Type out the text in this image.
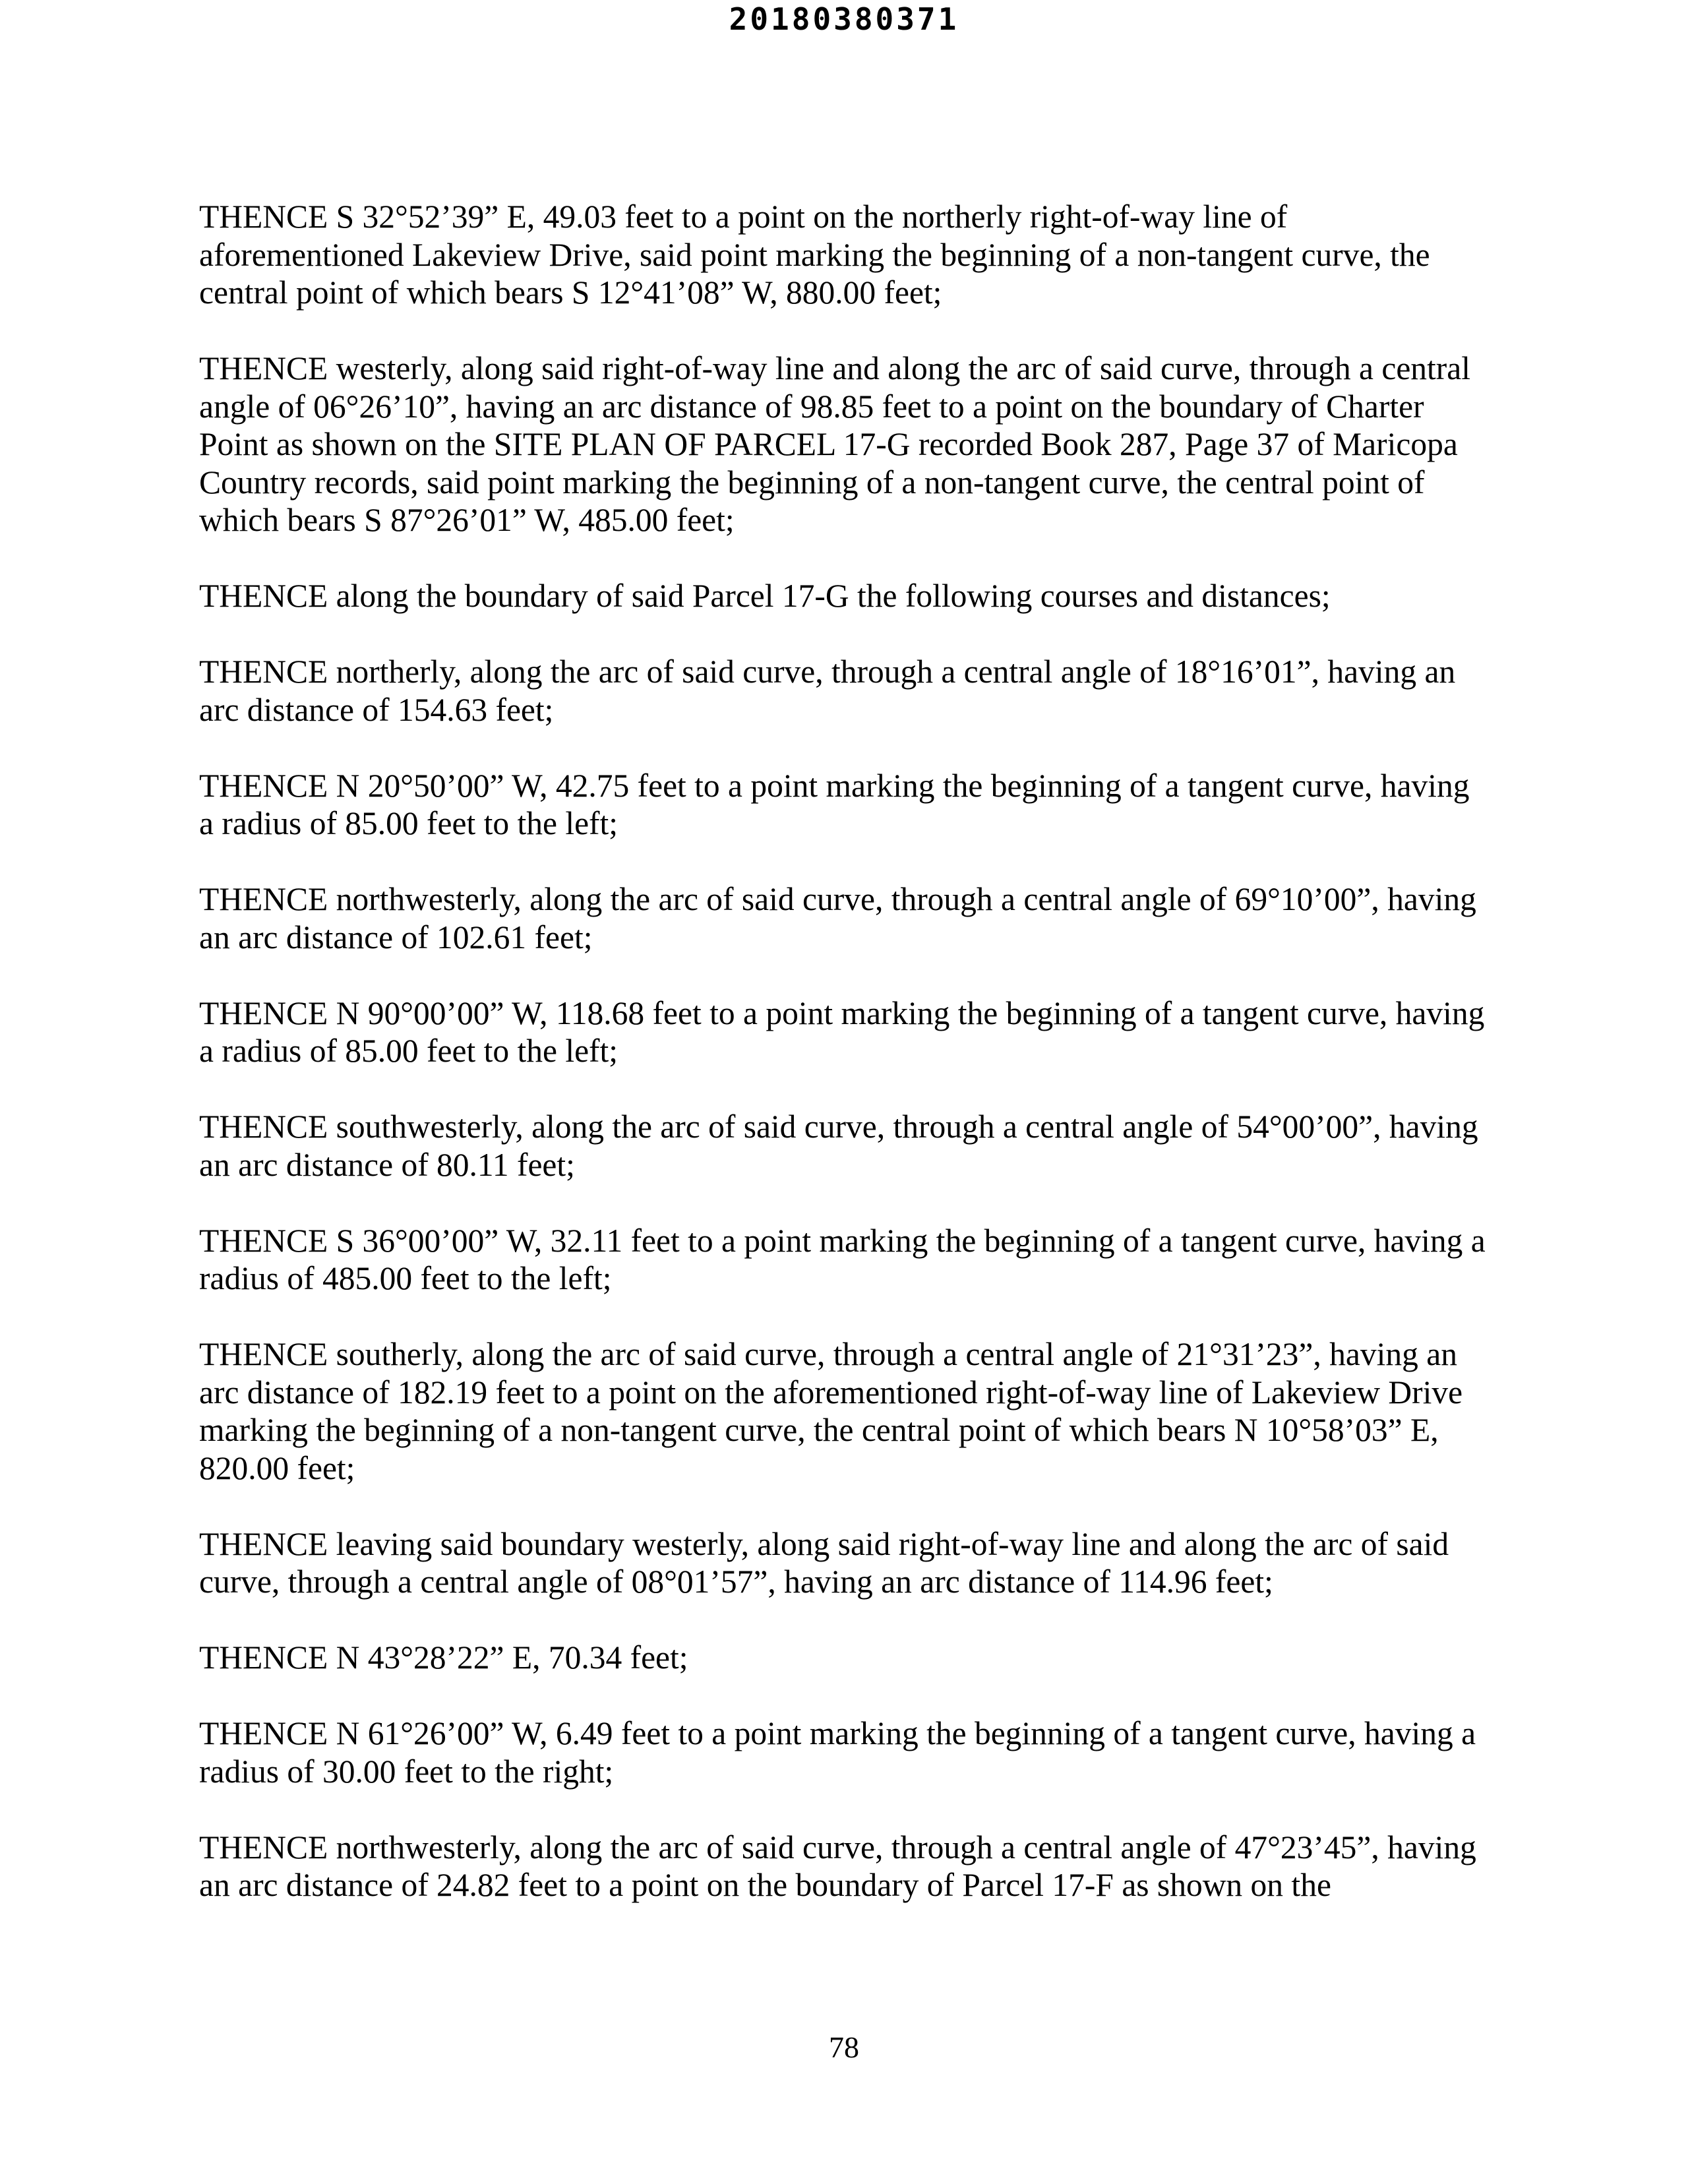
20180380371

THENCE S 32°52’39” E, 49.03 feet to a point on the northerly right-of-way line of aforementioned Lakeview Drive, said point marking the beginning of a non-tangent curve, the central point of which bears S 12°41’08” W, 880.00 feet;

THENCE westerly, along said right-of-way line and along the arc of said curve, through a central angle of 06°26’10”, having an arc distance of 98.85 feet to a point on the boundary of Charter Point as shown on the SITE PLAN OF PARCEL 17-G recorded Book 287, Page 37 of Maricopa Country records, said point marking the beginning of a non-tangent curve, the central point of which bears S 87°26’01” W, 485.00 feet;

THENCE along the boundary of said Parcel 17-G the following courses and distances;

THENCE northerly, along the arc of said curve, through a central angle of 18°16’01”, having an arc distance of 154.63 feet;

THENCE N 20°50’00” W, 42.75 feet to a point marking the beginning of a tangent curve, having a radius of 85.00 feet to the left;

THENCE northwesterly, along the arc of said curve, through a central angle of 69°10’00”, having an arc distance of 102.61 feet;

THENCE N 90°00’00” W, 118.68 feet to a point marking the beginning of a tangent curve, having a radius of 85.00 feet to the left;

THENCE southwesterly, along the arc of said curve, through a central angle of 54°00’00”, having an arc distance of 80.11 feet;

THENCE S 36°00’00” W, 32.11 feet to a point marking the beginning of a tangent curve, having a radius of 485.00 feet to the left;

THENCE southerly, along the arc of said curve, through a central angle of 21°31’23”, having an arc distance of 182.19 feet to a point on the aforementioned right-of-way line of Lakeview Drive marking the beginning of a non-tangent curve, the central point of which bears N 10°58’03” E, 820.00 feet;

THENCE leaving said boundary westerly, along said right-of-way line and along the arc of said curve, through a central angle of 08°01’57”, having an arc distance of 114.96 feet;

THENCE N 43°28’22” E, 70.34 feet;

THENCE N 61°26’00” W, 6.49 feet to a point marking the beginning of a tangent curve, having a radius of 30.00 feet to the right;

THENCE northwesterly, along the arc of said curve, through a central angle of 47°23’45”, having an arc distance of 24.82 feet to a point on the boundary of Parcel 17-F as shown on the

78
